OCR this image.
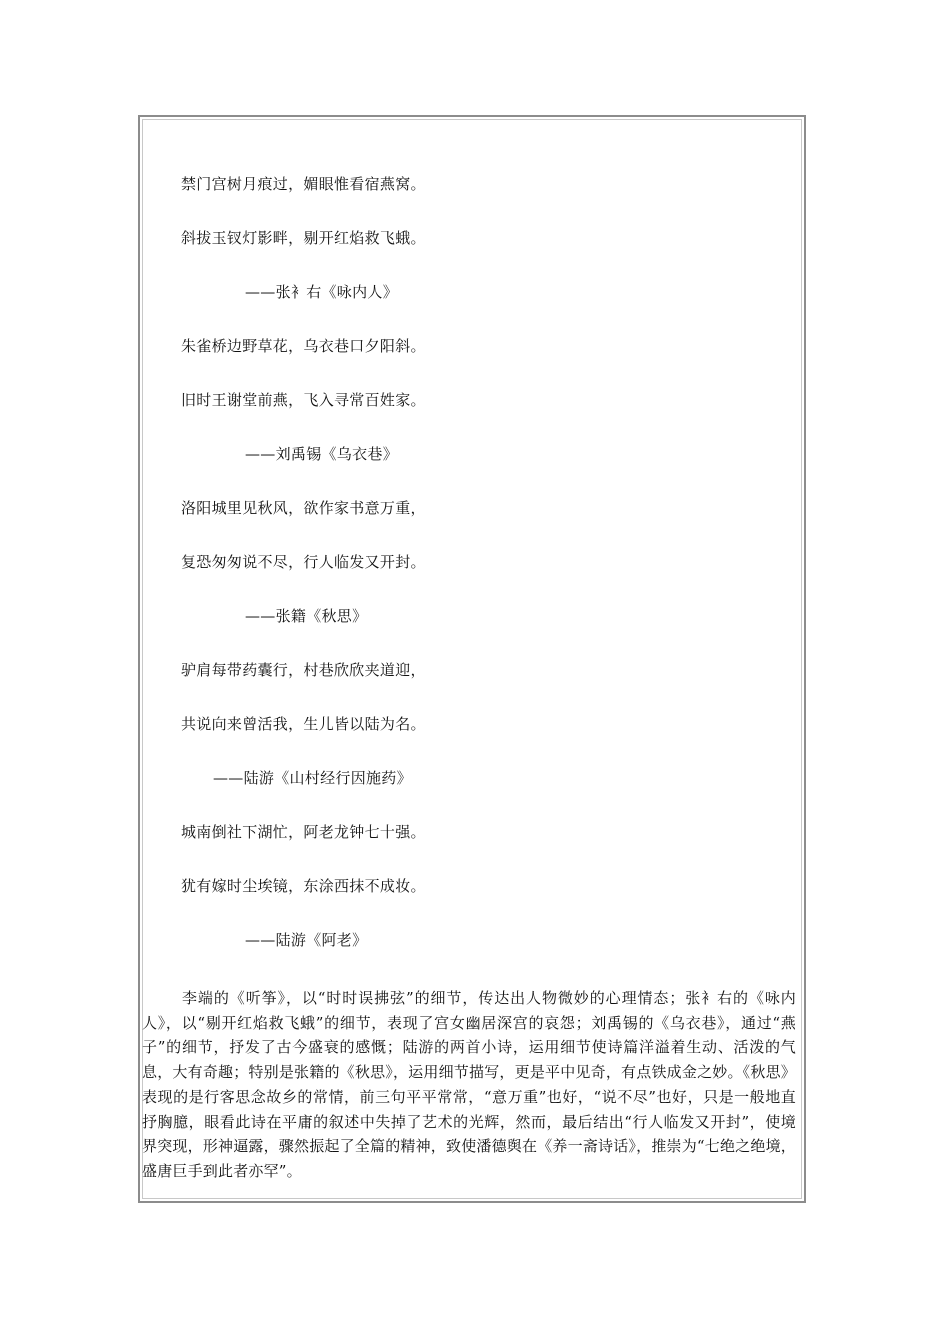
禁门宫树月痕过，媚眼惟看宿燕窝。
斜拔玉钗灯影畔，剔开红焰救飞蛾。
——张衤右《咏内人》
朱雀桥边野草花，乌衣巷口夕阳斜。
旧时王谢堂前燕，飞入寻常百姓家。
——刘禹锡《乌衣巷》
洛阳城里见秋风，欲作家书意万重，
复恐匆匆说不尽，行人临发又开封。
——张籍《秋思》
驴肩每带药囊行，村巷欣欣夹道迎，
共说向来曾活我，生儿皆以陆为名。
——陆游《山村经行因施药》
城南倒社下湖忙，阿老龙钟七十强。
犹有嫁时尘埃镜，东涂西抹不成妆。
——陆游《阿老》
李端的《听筝》，以“时时误拂弦”的细节，传达出人物微妙的心理情态；张衤右的《咏内人》，以“剔开红焰救飞蛾”的细节，表现了宫女幽居深宫的哀怨；刘禹锡的《乌衣巷》，通过“燕子”的细节，抒发了古今盛衰的感慨；陆游的两首小诗，运用细节使诗篇洋溢着生动、活泼的气息，大有奇趣；特别是张籍的《秋思》，运用细节描写，更是平中见奇，有点铁成金之妙。《秋思》表现的是行客思念故乡的常情，前三句平平常常，“意万重”也好，“说不尽”也好，只是一般地直抒胸臆，眼看此诗在平庸的叙述中失掉了艺术的光辉，然而，最后结出“行人临发又开封”，使境界突现，形神逼露，骤然振起了全篇的精神，致使潘德舆在《养一斋诗话》，推崇为“七绝之绝境，盛唐巨手到此者亦罕”。
